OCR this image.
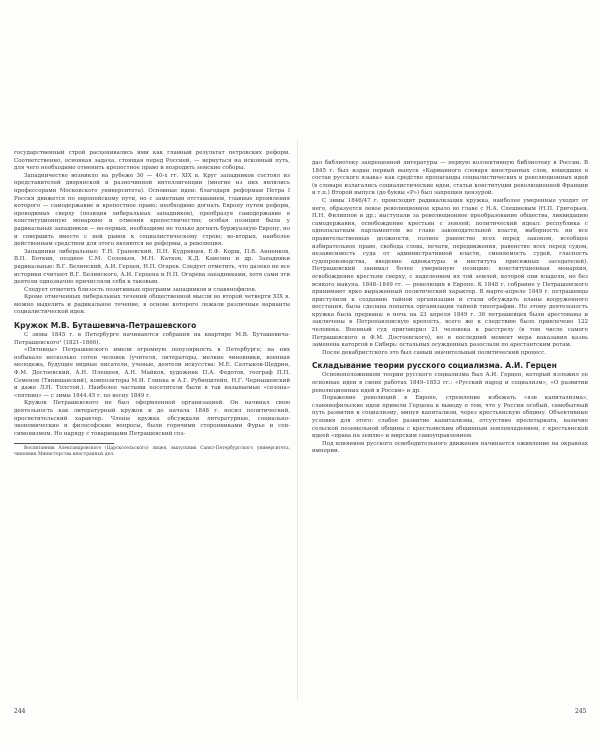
государственный строй расценивались ими как главный результат петровских реформ. Соответственно, основная задача, стоящая перед Россией, — вернуться на исконный путь, для чего необходимо отменить крепостное право и возродить земские соборы.

Западничество возникло на рубеже 30 — 40-х гг. XIX в. Круг западников состоял из представителей дворянской и разночинной интеллигенции (многие из них являлись профессорами Московского университета). Основные идеи: благодаря реформам Петра I Россия движется по европейскому пути, но с заметным отставанием, главные проявления которого — самодержавие и крепостное право; необходимо догнать Европу путем реформ, проводимых сверху (позиция либеральных западников), преобразуя самодержавие в конституционную монархию и отменив крепостничество; особая позиция была у радикальных западников — во-первых, необходимо не только догнать буржуазную Европу, но и совершить вместе с ней рывок к социалистическому строю; во-вторых, наиболее действенным средством для этого являются не реформы, а революция.

Западники либеральные: Т.Н. Грановский, П.Н. Кудрявцев, Е.Ф. Корш, П.В. Анненков, В.П. Боткин, позднее С.М. Соловьев, М.Н. Катков, К.Д. Кавелин и др. Западники радикальные: В.Г. Белинский, А.И. Герцен, Н.П. Огарев. Следует отметить, что далеко не все историки считают В.Г. Белинского, А.И. Герцена и Н.П. Огарева западниками, хотя сами эти деятели однозначно причисляли себя к таковым.

Следует отметить близость позитивных программ западников и славянофилов.

Кроме отмеченных либеральных течений общественной мысли во второй четверти XIX в. можно выделить и радикальное течение, в основе которого лежали различные варианты социалистической идеи.

Кружок М.В. Буташевича-Петрашевского

С зимы 1845 г. в Петербурге начинаются собрания на квартире М.В. Буташевича-Петрашевского¹ (1821–1866).

«Пятницы» Петрашевского имели огромную популярность в Петербурге; на них побывало несколько сотен человек (учителя, литераторы, мелкие чиновники, военная молодежь, будущие видные писатели, ученые, деятели искусства: М.Е. Салтыков-Щедрин, Ф.М. Достоевский, А.Н. Плещеев, А.Н. Майков, художник П.А. Федотов, географ П.П. Семенов (Тянишанский), композиторы М.И. Глинка и А.Г. Рубинштейн, Н.Г. Чернышевский и даже Л.Н. Толстой.). Наиболее частыми посетители были в так называемые «сезона» «пятниц» — с зимы 1844.45 г. по весну 1849 г.

Кружок Петрашевского не был оформленной организацией. Он начинал свою деятельность как литературный кружок и до начала 1848 г. носил политический, просветительский характер. Члены кружка обсуждали литературные, социально-экономические и философские вопросы, были горячими сторонниками Фурье и сен-симонизмом. Но наряду с товарищами Петрашевский соз-

Воспитанник Александровского (Царскосельского) лицея, выпускник Санкт-Петербургского университета, чиновник Министерства иностранных дел.

дал библиотеку запрещенной литературы — первую коллективную библиотеку в России. В 1845 г. был издан первый выпуск «Карманного словаря иностранных слов, вошедших в состав русского языка» как средство пропаганды социалистических и революционных идей (в словаре излагались социалистические идеи, статьи конституции революционной Франции и т.п.) Второй выпуск (до буквы «Р») был запрещен цензурой.

С зимы 1846/47 г. происходит радикализация кружка, наиболее умеренные уходят от него, образуется левое революционное крыло во главе с Н.А. Спешневым (Н.П. Григорьев, П.Н. Филиппов и др.; выступали за революционное преобразование общества, ликвидацию самодержавия, освобождение крестьян с землей; политический идеал: республика с однопалатным парламентом во главе законодательной власти, выборность ни все правительственные должности, полное равенство всех перед законом, всеобщее избирательное право, свобода слова, печати, передвижения, равенство всех перед судом, независимость суда от административной власти, сменяемость судей, гласность судопроизводства, введение адвокатуры и института присяжных заседателей). Петрашевский занимал более умеренную позицию: конституционная монархия, освобождение крестьян сверху, с наделением их той землей, которой они владели, но без всякого выкупа. 1848–1849 гг. — революция в Европе. К 1848 г. собрание у Петрашевского принимают ярко выраженный политический характер. В марте-апреле 1849 г. петрашевцы приступили к созданию тайной организации и стали обсуждать планы вооруженного восстания, была сделана попытка организации тайной типографии. Но этому деятельность кружка была прервана: в ночь на 23 апреля 1849 г. 36 петрашевцев были арестованы и заключены в Петропавловскую крепость, всего же к следствию было привлечено 122 человека. Военный суд приговорил 21 человека к расстрелу (в том числе самого Петрашевского и Ф.М. Достоевского), но в последний момент мера наказания казнь заменена каторгой в Сибирь: остальных осужденных разослали по арестантским ротам.

После декабристского это был самый значительный политический процесс.

Складывание теории русского социализма. А.И. Герцен

Основоположником теории русского социализма был А.И. Герцен, который изложил ее основные идеи в своих работах 1849–1853 гг.: «Русский народ и социализм», «О развитии революционных идей в России» и др.

Поражение революций в Европе, стремление избежать «язв капитализма», славянофильские идеи привели Герцена к выводу о том, что у России особый, самобытный путь развития к социализму, минуя капитализм, через крестьянскую общину. Объективные условия для этого: слабое развитие капитализма, отсутствие пролетариата, наличие сельской поземельной общины с крестьянским общинным землевладением, с крестьянской идеей «права на землю» и мирским самоуправлением.

Под влиянием русского освободительного движения начинается оживление на окраинах империи.

244	245
